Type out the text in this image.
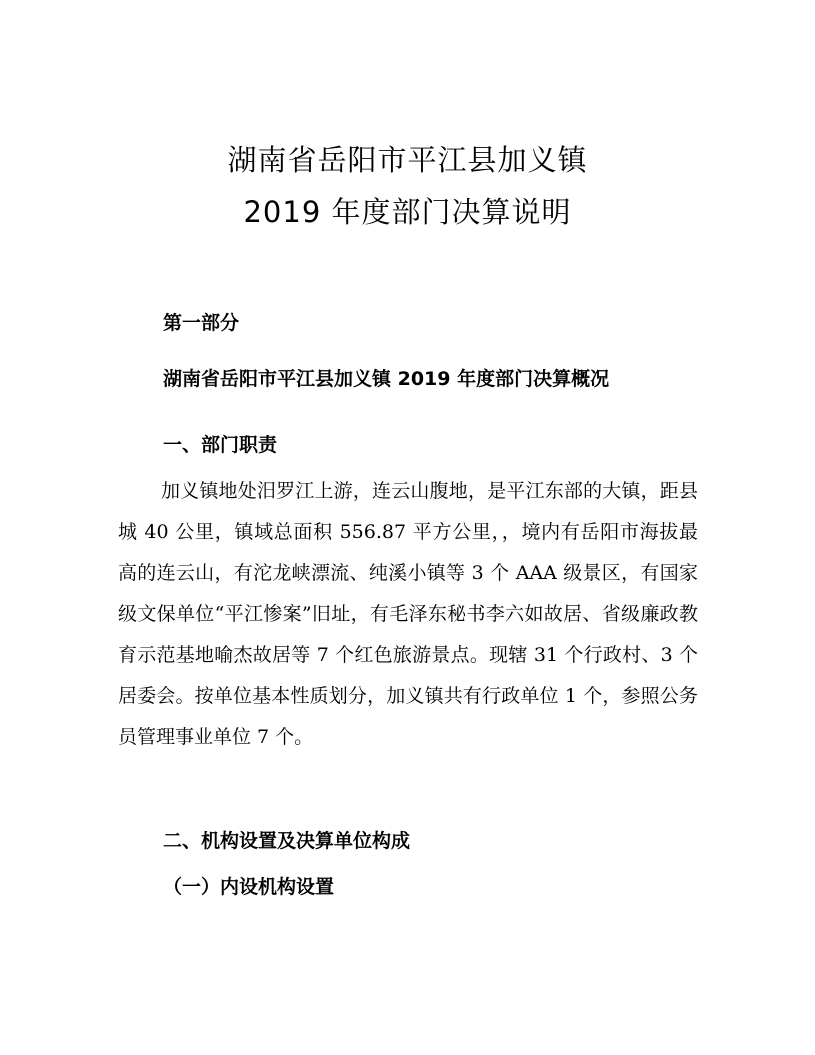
湖南省岳阳市平江县加义镇
2019 年度部门决算说明
第一部分
湖南省岳阳市平江县加义镇 2019 年度部门决算概况
一、部门职责

加义镇地处汨罗江上游，连云山腹地，是平江东部的大镇，距县城 40 公里，镇域总面积 556.87 平方公里，，境内有岳阳市海拔最高的连云山，有沱龙峡漂流、纯溪小镇等 3 个 AAA 级景区，有国家级文保单位“平江惨案”旧址，有毛泽东秘书李六如故居、省级廉政教育示范基地喻杰故居等 7 个红色旅游景点。现辖 31 个行政村、3 个居委会。按单位基本性质划分，加义镇共有行政单位 1 个，参照公务员管理事业单位 7 个。

二、机构设置及决算单位构成
（一）内设机构设置
